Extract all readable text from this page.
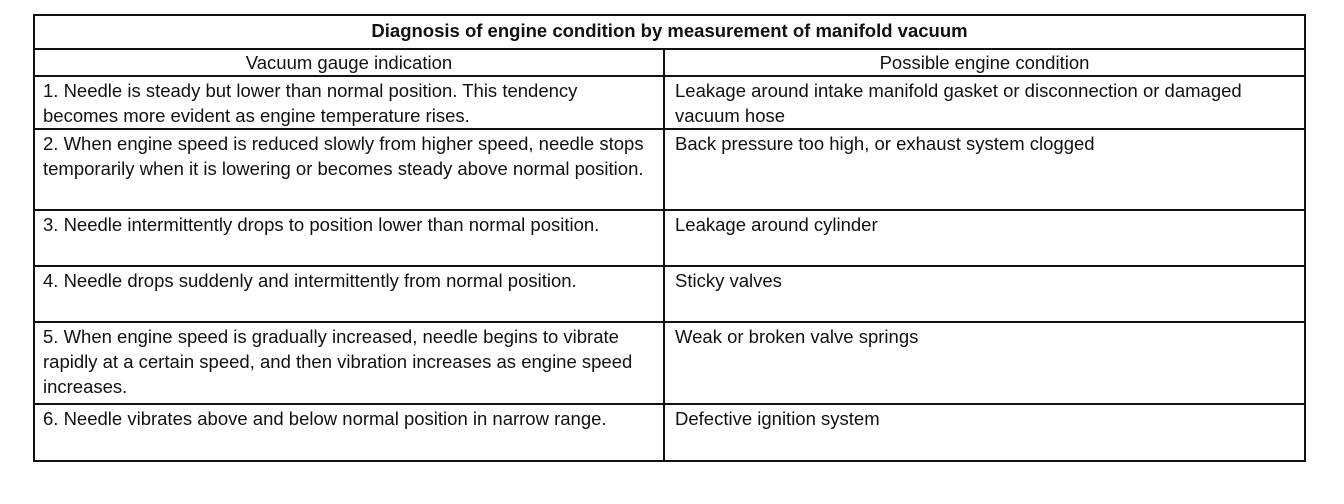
Diagnosis of engine condition by measurement of manifold vacuum	
Vacuum gauge indication	Possible engine condition
1. Needle is steady but lower than normal position. This tendency becomes more evident as engine temperature rises.	Leakage around intake manifold gasket or disconnection or damaged vacuum hose
2. When engine speed is reduced slowly from higher speed, needle stops temporarily when it is lowering or becomes steady above normal position.	Back pressure too high, or exhaust system clogged
3. Needle intermittently drops to position lower than normal position.	Leakage around cylinder
4. Needle drops suddenly and intermittently from normal position.	Sticky valves
5. When engine speed is gradually increased, needle begins to vibrate rapidly at a certain speed, and then vibration increases as engine speed increases.	Weak or broken valve springs
6. Needle vibrates above and below normal position in narrow range.	Defective ignition system
